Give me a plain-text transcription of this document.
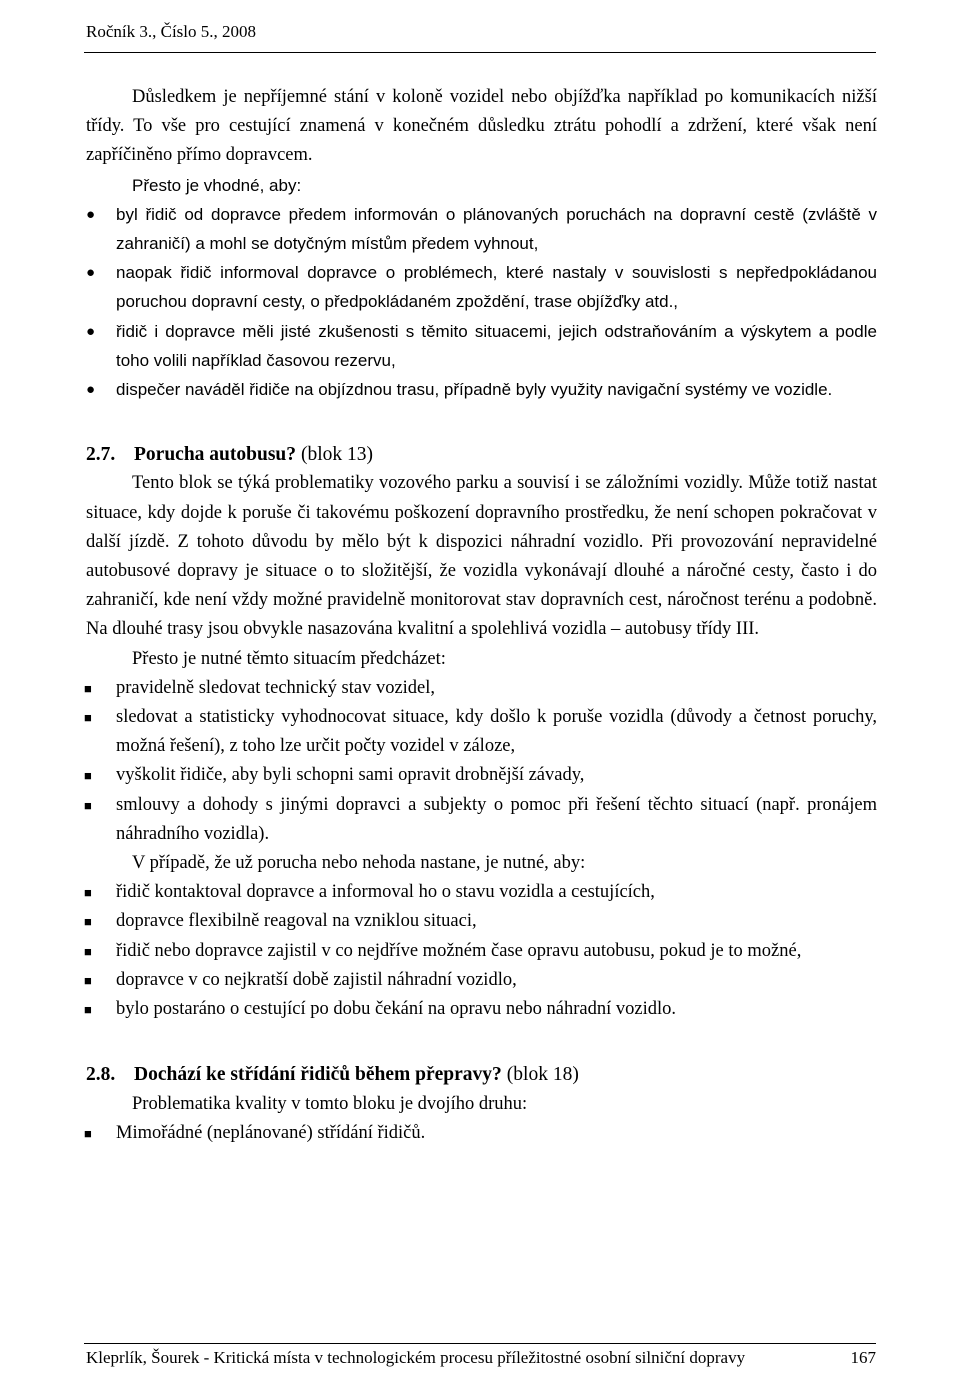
Ročník 3., Číslo 5., 2008

Důsledkem je nepříjemné stání v koloně vozidel nebo objížďka například po komunikacích nižší třídy. To vše pro cestující znamená v konečném důsledku ztrátu pohodlí a zdržení, které však není zapříčiněno přímo dopravcem.

Přesto je vhodné, aby:

●	byl řidič od dopravce předem informován o plánovaných poruchách na dopravní cestě (zvláště v zahraničí) a mohl se dotyčným místům předem vyhnout,
●	naopak řidič informoval dopravce o problémech, které nastaly v souvislosti s nepředpokládanou poruchou dopravní cesty, o předpokládaném zpoždění, trase objížďky atd.,
●	řidič i dopravce měli jisté zkušenosti s těmito situacemi, jejich odstraňováním a výskytem a podle toho volili například časovou rezervu,
●	dispečer naváděl řidiče na objízdnou trasu, případně byly využity navigační systémy ve vozidle.
2.7. Porucha autobusu? (blok 13)

Tento blok se týká problematiky vozového parku a souvisí i se záložními vozidly. Může totiž nastat situace, kdy dojde k poruše či takovému poškození dopravního prostředku, že není schopen pokračovat v další jízdě. Z tohoto důvodu by mělo být k dispozici náhradní vozidlo. Při provozování nepravidelné autobusové dopravy je situace o to složitější, že vozidla vykonávají dlouhé a náročné cesty, často i do zahraničí, kde není vždy možné pravidelně monitorovat stav dopravních cest, náročnost terénu a podobně. Na dlouhé trasy jsou obvykle nasazována kvalitní a spolehlivá vozidla – autobusy třídy III.

Přesto je nutné těmto situacím předcházet:

■	pravidelně sledovat technický stav vozidel,
■	sledovat a statisticky vyhodnocovat situace, kdy došlo k poruše vozidla (důvody a četnost poruchy, možná řešení), z toho lze určit počty vozidel v záloze,
■	vyškolit řidiče, aby byli schopni sami opravit drobnější závady,
■	smlouvy a dohody s jinými dopravci a subjekty o pomoc při řešení těchto situací (např. pronájem náhradního vozidla).

V případě, že už porucha nebo nehoda nastane, je nutné, aby:

■	řidič kontaktoval dopravce a informoval ho o stavu vozidla a cestujících,
■	dopravce flexibilně reagoval na vzniklou situaci,
■	řidič nebo dopravce zajistil v co nejdříve možném čase opravu autobusu, pokud je to možné,
■	dopravce v co nejkratší době zajistil náhradní vozidlo,
■	bylo postaráno o cestující po dobu čekání na opravu nebo náhradní vozidlo.
2.8. Dochází ke střídání řidičů během přepravy? (blok 18)

Problematika kvality v tomto bloku je dvojího druhu:

■	Mimořádné (neplánované) střídání řidičů.
Kleprlík, Šourek - Kritická místa v technologickém procesu příležitostné osobní silniční dopravy	167
